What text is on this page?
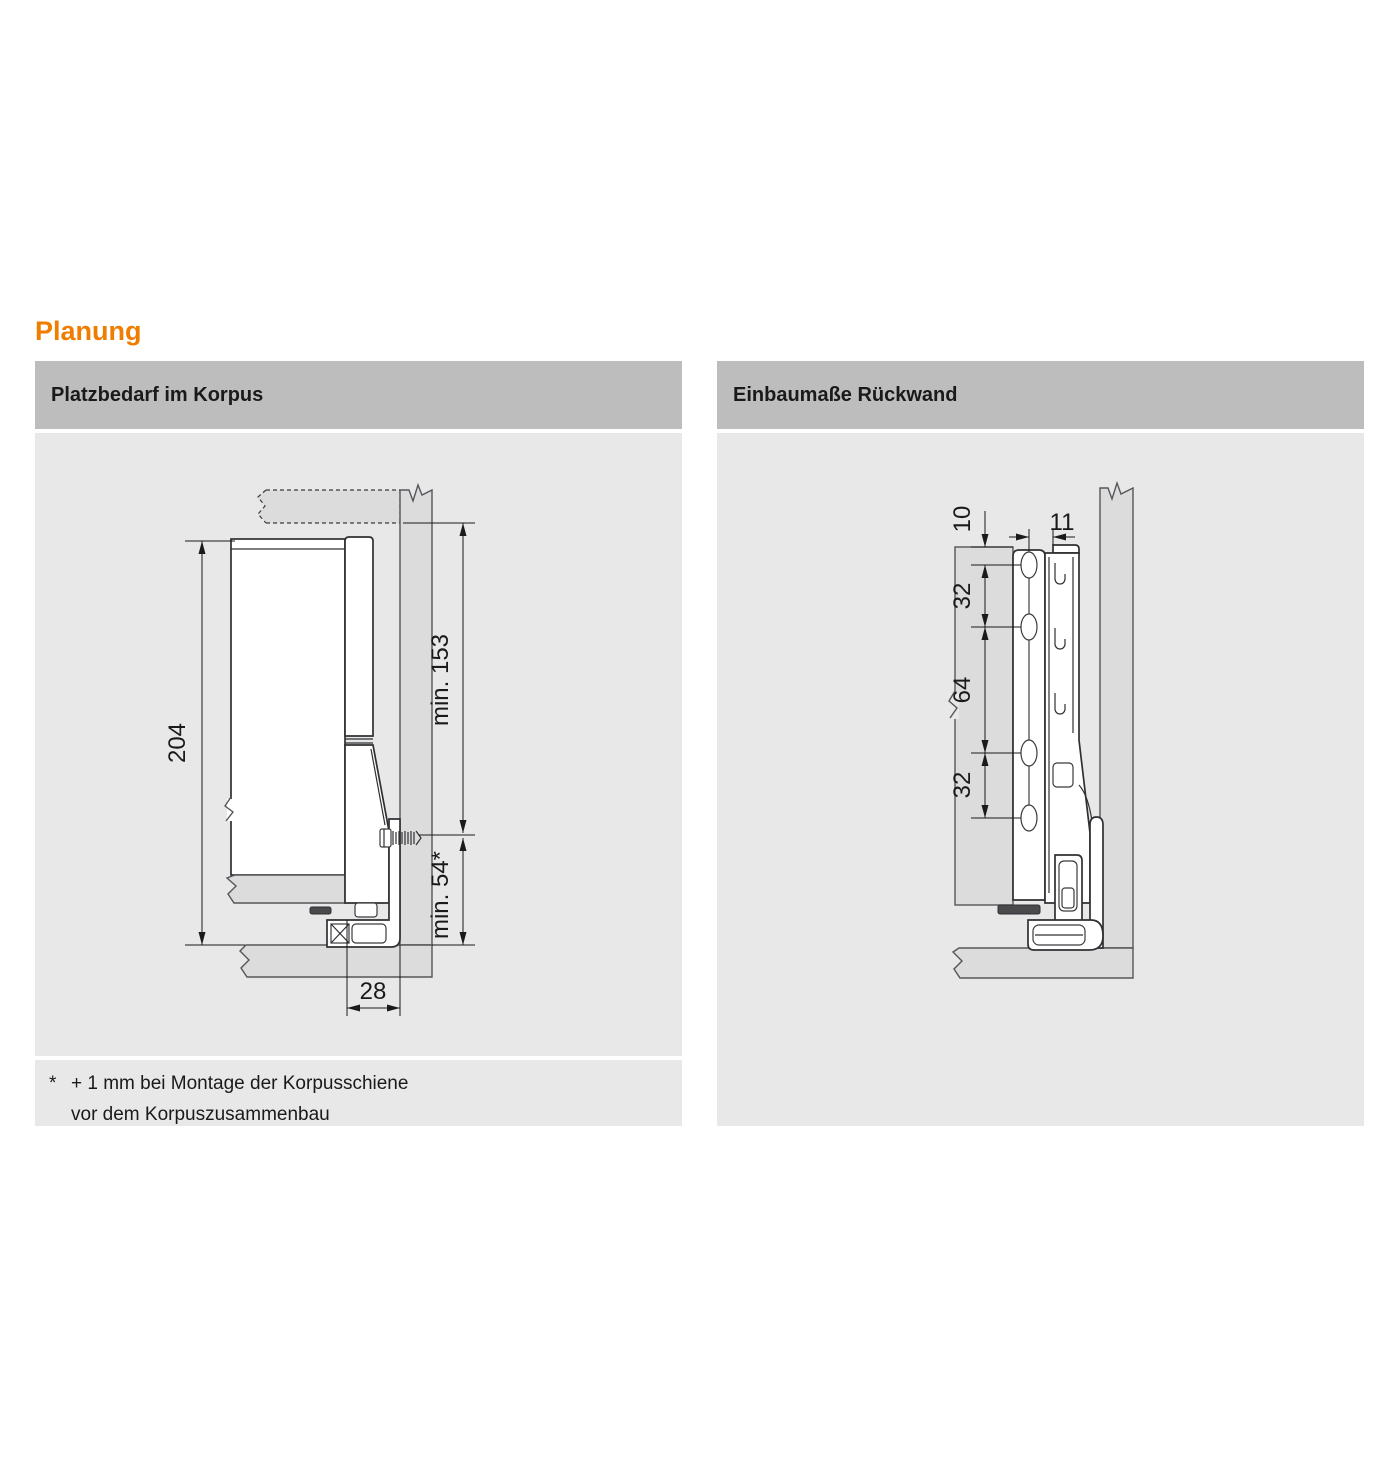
Planung
Platzbedarf im Korpus
204
min. 153
min. 54*
28
* + 1 mm bei Montage der Korpusschiene
vor dem Korpuszusammenbau
Einbaumaße Rückwand
10
32
64
32
11
